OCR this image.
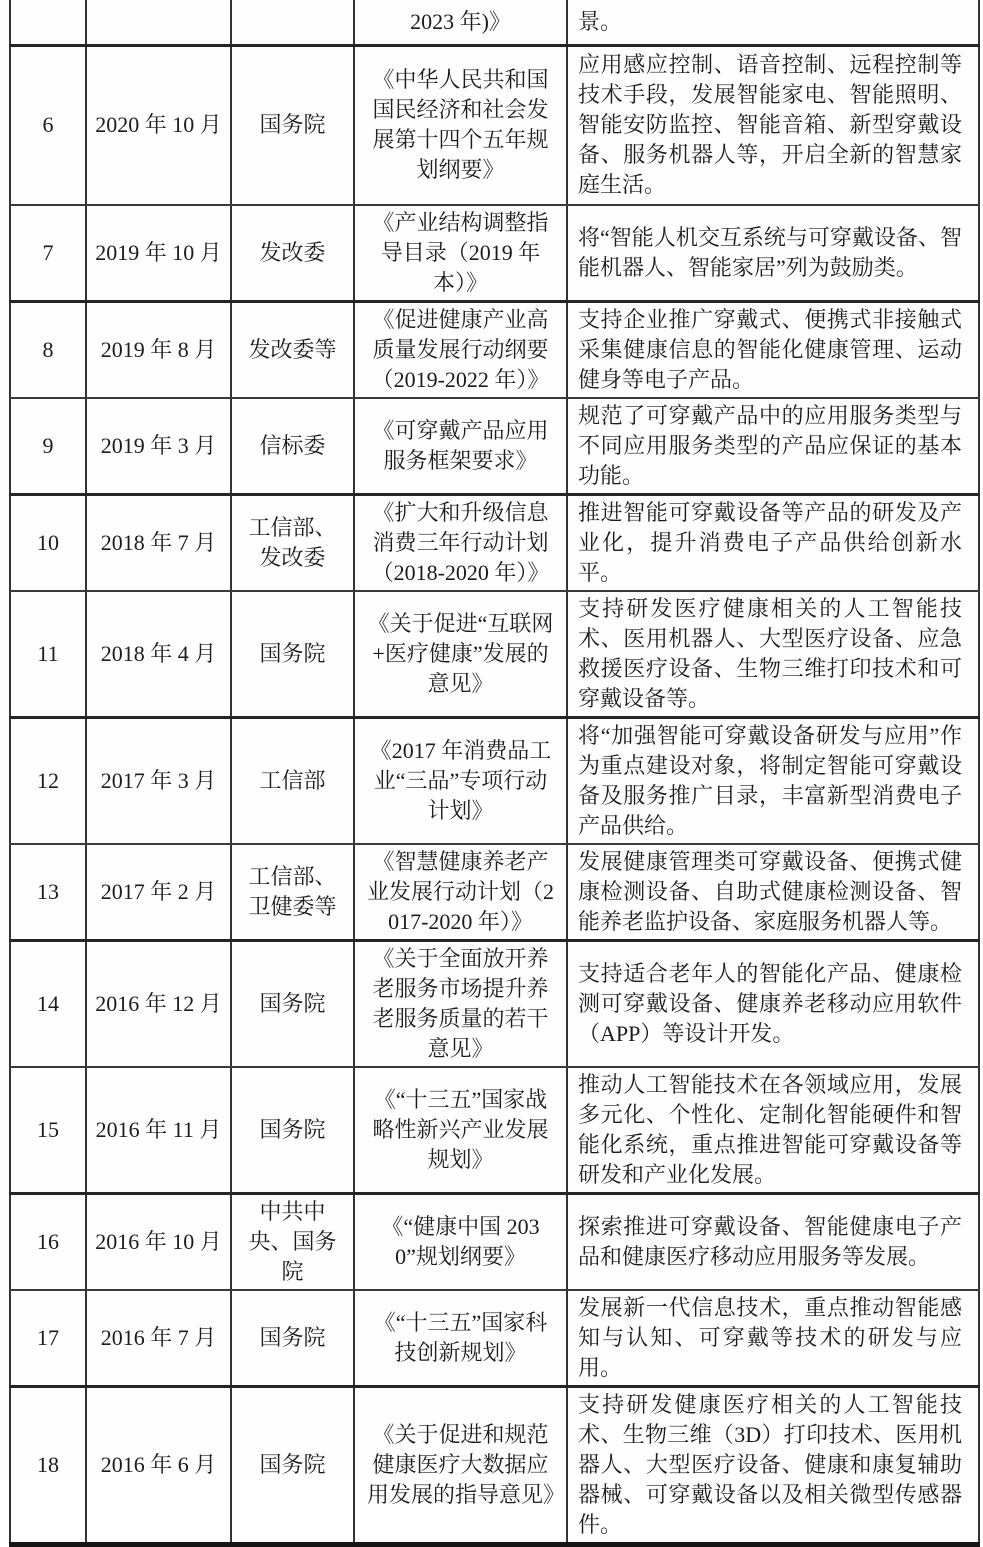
			2023 年)》	景。
6	2020 年 10 月	国务院	《中华人民共和国国民经济和社会发展第十四个五年规划纲要》	应用感应控制、语音控制、远程控制等技术手段，发展智能家电、智能照明、智能安防监控、智能音箱、新型穿戴设备、服务机器人等，开启全新的智慧家庭生活。
7	2019 年 10 月	发改委	《产业结构调整指导目录（2019 年本）》	将“智能人机交互系统与可穿戴设备、智能机器人、智能家居”列为鼓励类。
8	2019 年 8 月	发改委等	《促进健康产业高质量发展行动纲要（2019-2022 年）》	支持企业推广穿戴式、便携式非接触式采集健康信息的智能化健康管理、运动健身等电子产品。
9	2019 年 3 月	信标委	《可穿戴产品应用服务框架要求》	规范了可穿戴产品中的应用服务类型与不同应用服务类型的产品应保证的基本功能。
10	2018 年 7 月	工信部、发改委	《扩大和升级信息消费三年行动计划（2018-2020 年）》	推进智能可穿戴设备等产品的研发及产业化，提升消费电子产品供给创新水平。
11	2018 年 4 月	国务院	《关于促进“互联网+医疗健康”发展的意见》	支持研发医疗健康相关的人工智能技术、医用机器人、大型医疗设备、应急救援医疗设备、生物三维打印技术和可穿戴设备等。
12	2017 年 3 月	工信部	《2017 年消费品工业“三品”专项行动计划》	将“加强智能可穿戴设备研发与应用”作为重点建设对象，将制定智能可穿戴设备及服务推广目录，丰富新型消费电子产品供给。
13	2017 年 2 月	工信部、卫健委等	《智慧健康养老产业发展行动计划（2017-2020 年）》	发展健康管理类可穿戴设备、便携式健康检测设备、自助式健康检测设备、智能养老监护设备、家庭服务机器人等。
14	2016 年 12 月	国务院	《关于全面放开养老服务市场提升养老服务质量的若干意见》	支持适合老年人的智能化产品、健康检测可穿戴设备、健康养老移动应用软件（APP）等设计开发。
15	2016 年 11 月	国务院	《“十三五”国家战略性新兴产业发展规划》	推动人工智能技术在各领域应用，发展多元化、个性化、定制化智能硬件和智能化系统，重点推进智能可穿戴设备等研发和产业化发展。
16	2016 年 10 月	中共中央、国务院	《“健康中国 2030”规划纲要》	探索推进可穿戴设备、智能健康电子产品和健康医疗移动应用服务等发展。
17	2016 年 7 月	国务院	《“十三五”国家科技创新规划》	发展新一代信息技术，重点推动智能感知与认知、可穿戴等技术的研发与应用。
18	2016 年 6 月	国务院	《关于促进和规范健康医疗大数据应用发展的指导意见》	支持研发健康医疗相关的人工智能技术、生物三维（3D）打印技术、医用机器人、大型医疗设备、健康和康复辅助器械、可穿戴设备以及相关微型传感器件。
